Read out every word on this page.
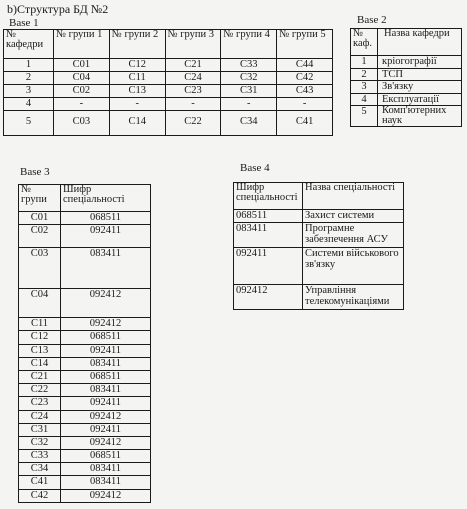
b)Структура БД №2
Base 1
№ кафедри	№ групи 1	№ групи 2	№ групи 3	№ групи 4	№ групи 5
1	С01	С12	С21	С33	С44
2	С04	С11	С24	С32	С42
3	С02	С13	С23	С31	С43
4	-	-	-	-	-
5	С03	С14	С22	С34	С41
Base 2
№ каф.	Назва кафедри
1	кріогографії
2	ТСП
3	Зв'язку
4	Експлуатації
5	Комп'ютерних наук
Base 3
№ групи	Шифр спеціальності
С01	068511
С02	092411
С03	083411
С04	092412
С11	092412
С12	068511
С13	092411
С14	083411
С21	068511
С22	083411
С23	092411
С24	092412
С31	092411
С32	092412
С33	068511
С34	083411
С41	083411
С42	092412
Base 4
Шифр спеціальності	Назва спеціальності
068511	Захист системи
083411	Програмне забезпечення АСУ
092411	Системи військового зв'язку
092412	Управління телекомунікаціями
